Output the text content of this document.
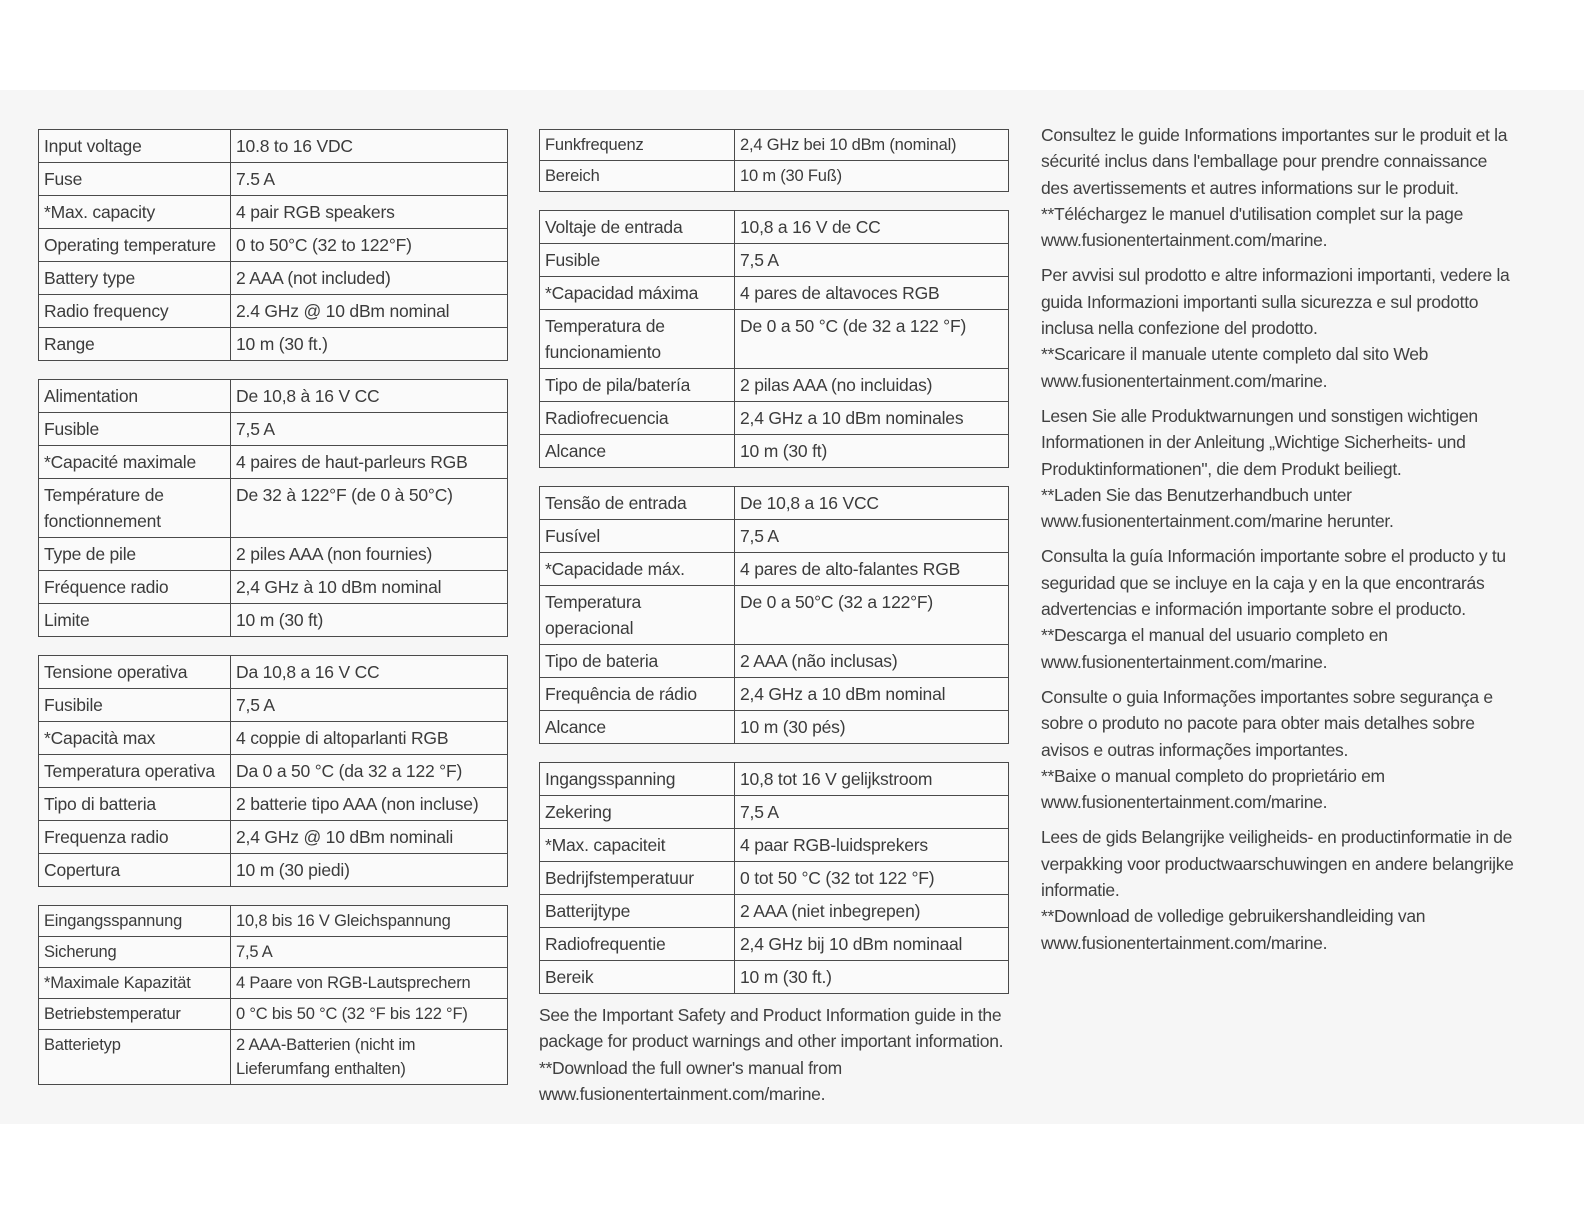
Input voltage	10.8 to 16 VDC
Fuse	7.5 A
*Max. capacity	4 pair RGB speakers
Operating temperature	0 to 50°C (32 to 122°F)
Battery type	2 AAA (not included)
Radio frequency	2.4 GHz @ 10 dBm nominal
Range	10 m (30 ft.)
Alimentation	De 10,8 à 16 V CC
Fusible	7,5 A
*Capacité maximale	4 paires de haut-parleurs RGB
Température de fonctionnement	De 32 à 122°F (de 0 à 50°C)
Type de pile	2 piles AAA (non fournies)
Fréquence radio	2,4 GHz à 10 dBm nominal
Limite	10 m (30 ft)
Tensione operativa	Da 10,8 a 16 V CC
Fusibile	7,5 A
*Capacità max	4 coppie di altoparlanti RGB
Temperatura operativa	Da 0 a 50 °C (da 32 a 122 °F)
Tipo di batteria	2 batterie tipo AAA (non incluse)
Frequenza radio	2,4 GHz @ 10 dBm nominali
Copertura	10 m (30 piedi)
Eingangsspannung	10,8 bis 16 V Gleichspannung
Sicherung	7,5 A
*Maximale Kapazität	4 Paare von RGB-Lautsprechern
Betriebstemperatur	0 °C bis 50 °C (32 °F bis 122 °F)
Batterietyp	2 AAA-Batterien (nicht im Lieferumfang enthalten)
Funkfrequenz	2,4 GHz bei 10 dBm (nominal)
Bereich	10 m (30 Fuß)
Voltaje de entrada	10,8 a 16 V de CC
Fusible	7,5 A
*Capacidad máxima	4 pares de altavoces RGB
Temperatura de funcionamiento	De 0 a 50 °C (de 32 a 122 °F)
Tipo de pila/batería	2 pilas AAA (no incluidas)
Radiofrecuencia	2,4 GHz a 10 dBm nominales
Alcance	10 m (30 ft)
Tensão de entrada	De 10,8 a 16 VCC
Fusível	7,5 A
*Capacidade máx.	4 pares de alto-falantes RGB
Temperatura operacional	De 0 a 50°C (32 a 122°F)
Tipo de bateria	2 AAA (não inclusas)
Frequência de rádio	2,4 GHz a 10 dBm nominal
Alcance	10 m (30 pés)
Ingangsspanning	10,8 tot 16 V gelijkstroom
Zekering	7,5 A
*Max. capaciteit	4 paar RGB-luidsprekers
Bedrijfstemperatuur	0 tot 50 °C (32 tot 122 °F)
Batterijtype	2 AAA (niet inbegrepen)
Radiofrequentie	2,4 GHz bij 10 dBm nominaal
Bereik	10 m (30 ft.)

See the Important Safety and Product Information guide in the package for product warnings and other important information.

**Download the full owner's manual from www.fusionentertainment.com/marine.

Consultez le guide Informations importantes sur le produit et la sécurité inclus dans l'emballage pour prendre connaissance des avertissements et autres informations sur le produit.

**Téléchargez le manuel d'utilisation complet sur la page www.fusionentertainment.com/marine.

Per avvisi sul prodotto e altre informazioni importanti, vedere la guida Informazioni importanti sulla sicurezza e sul prodotto inclusa nella confezione del prodotto.

**Scaricare il manuale utente completo dal sito Web www.fusionentertainment.com/marine.

Lesen Sie alle Produktwarnungen und sonstigen wichtigen Informationen in der Anleitung „Wichtige Sicherheits- und Produktinformationen", die dem Produkt beiliegt.

**Laden Sie das Benutzerhandbuch unter www.fusionentertainment.com/marine herunter.

Consulta la guía Información importante sobre el producto y tu seguridad que se incluye en la caja y en la que encontrarás advertencias e información importante sobre el producto.

**Descarga el manual del usuario completo en www.fusionentertainment.com/marine.

Consulte o guia Informações importantes sobre segurança e sobre o produto no pacote para obter mais detalhes sobre avisos e outras informações importantes.

**Baixe o manual completo do proprietário em www.fusionentertainment.com/marine.

Lees de gids Belangrijke veiligheids- en productinformatie in de verpakking voor productwaarschuwingen en andere belangrijke informatie.

**Download de volledige gebruikershandleiding van www.fusionentertainment.com/marine.
